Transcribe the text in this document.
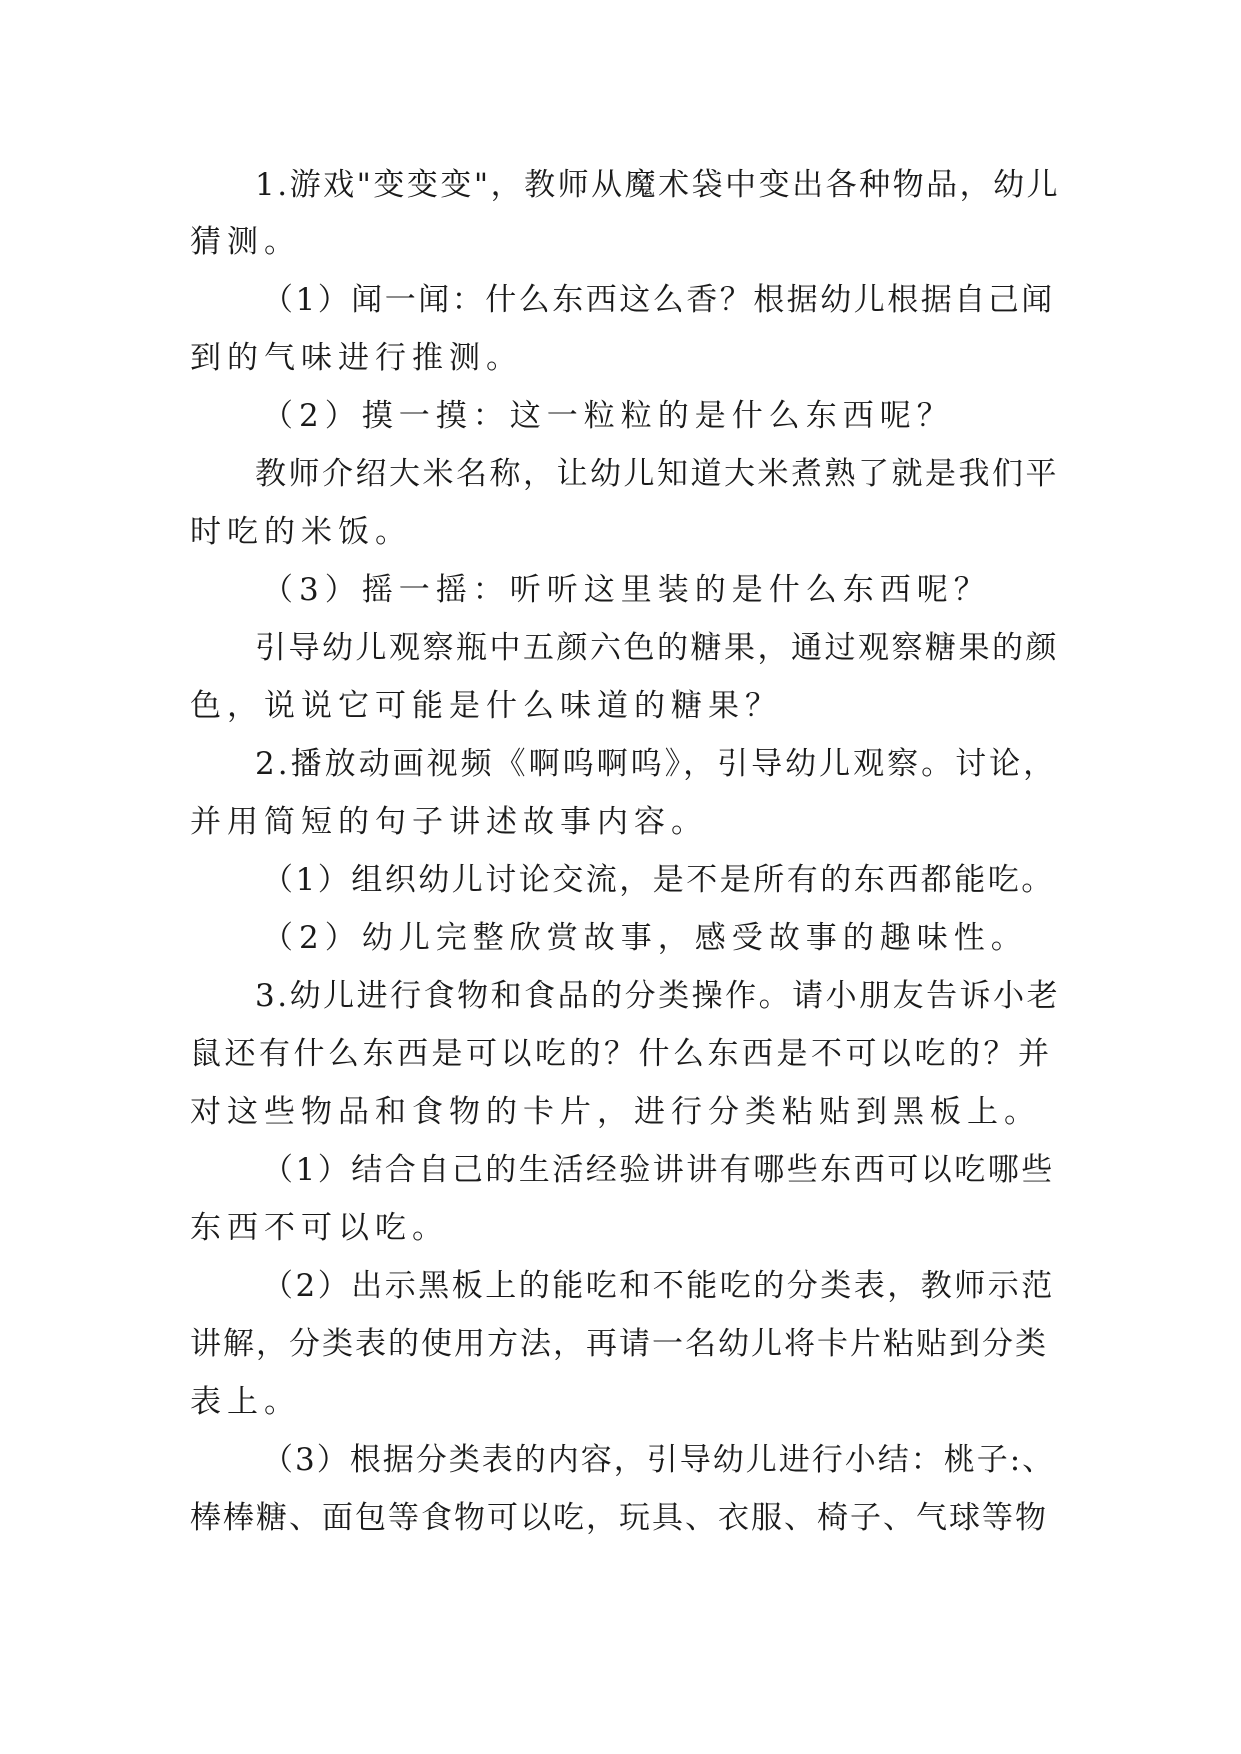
1.游戏"变变变"，教师从魔术袋中变出各种物品，幼儿
猜测。
（1）闻一闻：什么东西这么香？根据幼儿根据自己闻
到的气味进行推测。
（2）摸一摸：这一粒粒的是什么东西呢？
教师介绍大米名称，让幼儿知道大米煮熟了就是我们平
时吃的米饭。
（3）摇一摇：听听这里装的是什么东西呢？
引导幼儿观察瓶中五颜六色的糖果，通过观察糖果的颜
色，说说它可能是什么味道的糖果？
2.播放动画视频《啊呜啊呜》，引导幼儿观察。讨论，
并用简短的句子讲述故事内容。
（1）组织幼儿讨论交流，是不是所有的东西都能吃。
（2）幼儿完整欣赏故事，感受故事的趣味性。
3.幼儿进行食物和食品的分类操作。请小朋友告诉小老
鼠还有什么东西是可以吃的？什么东西是不可以吃的？并
对这些物品和食物的卡片，进行分类粘贴到黑板上。
（1）结合自己的生活经验讲讲有哪些东西可以吃哪些
东西不可以吃。
（2）出示黑板上的能吃和不能吃的分类表，教师示范
讲解，分类表的使用方法，再请一名幼儿将卡片粘贴到分类
表上。
（3）根据分类表的内容，引导幼儿进行小结：桃子:、
棒棒糖、面包等食物可以吃，玩具、衣服、椅子、气球等物
